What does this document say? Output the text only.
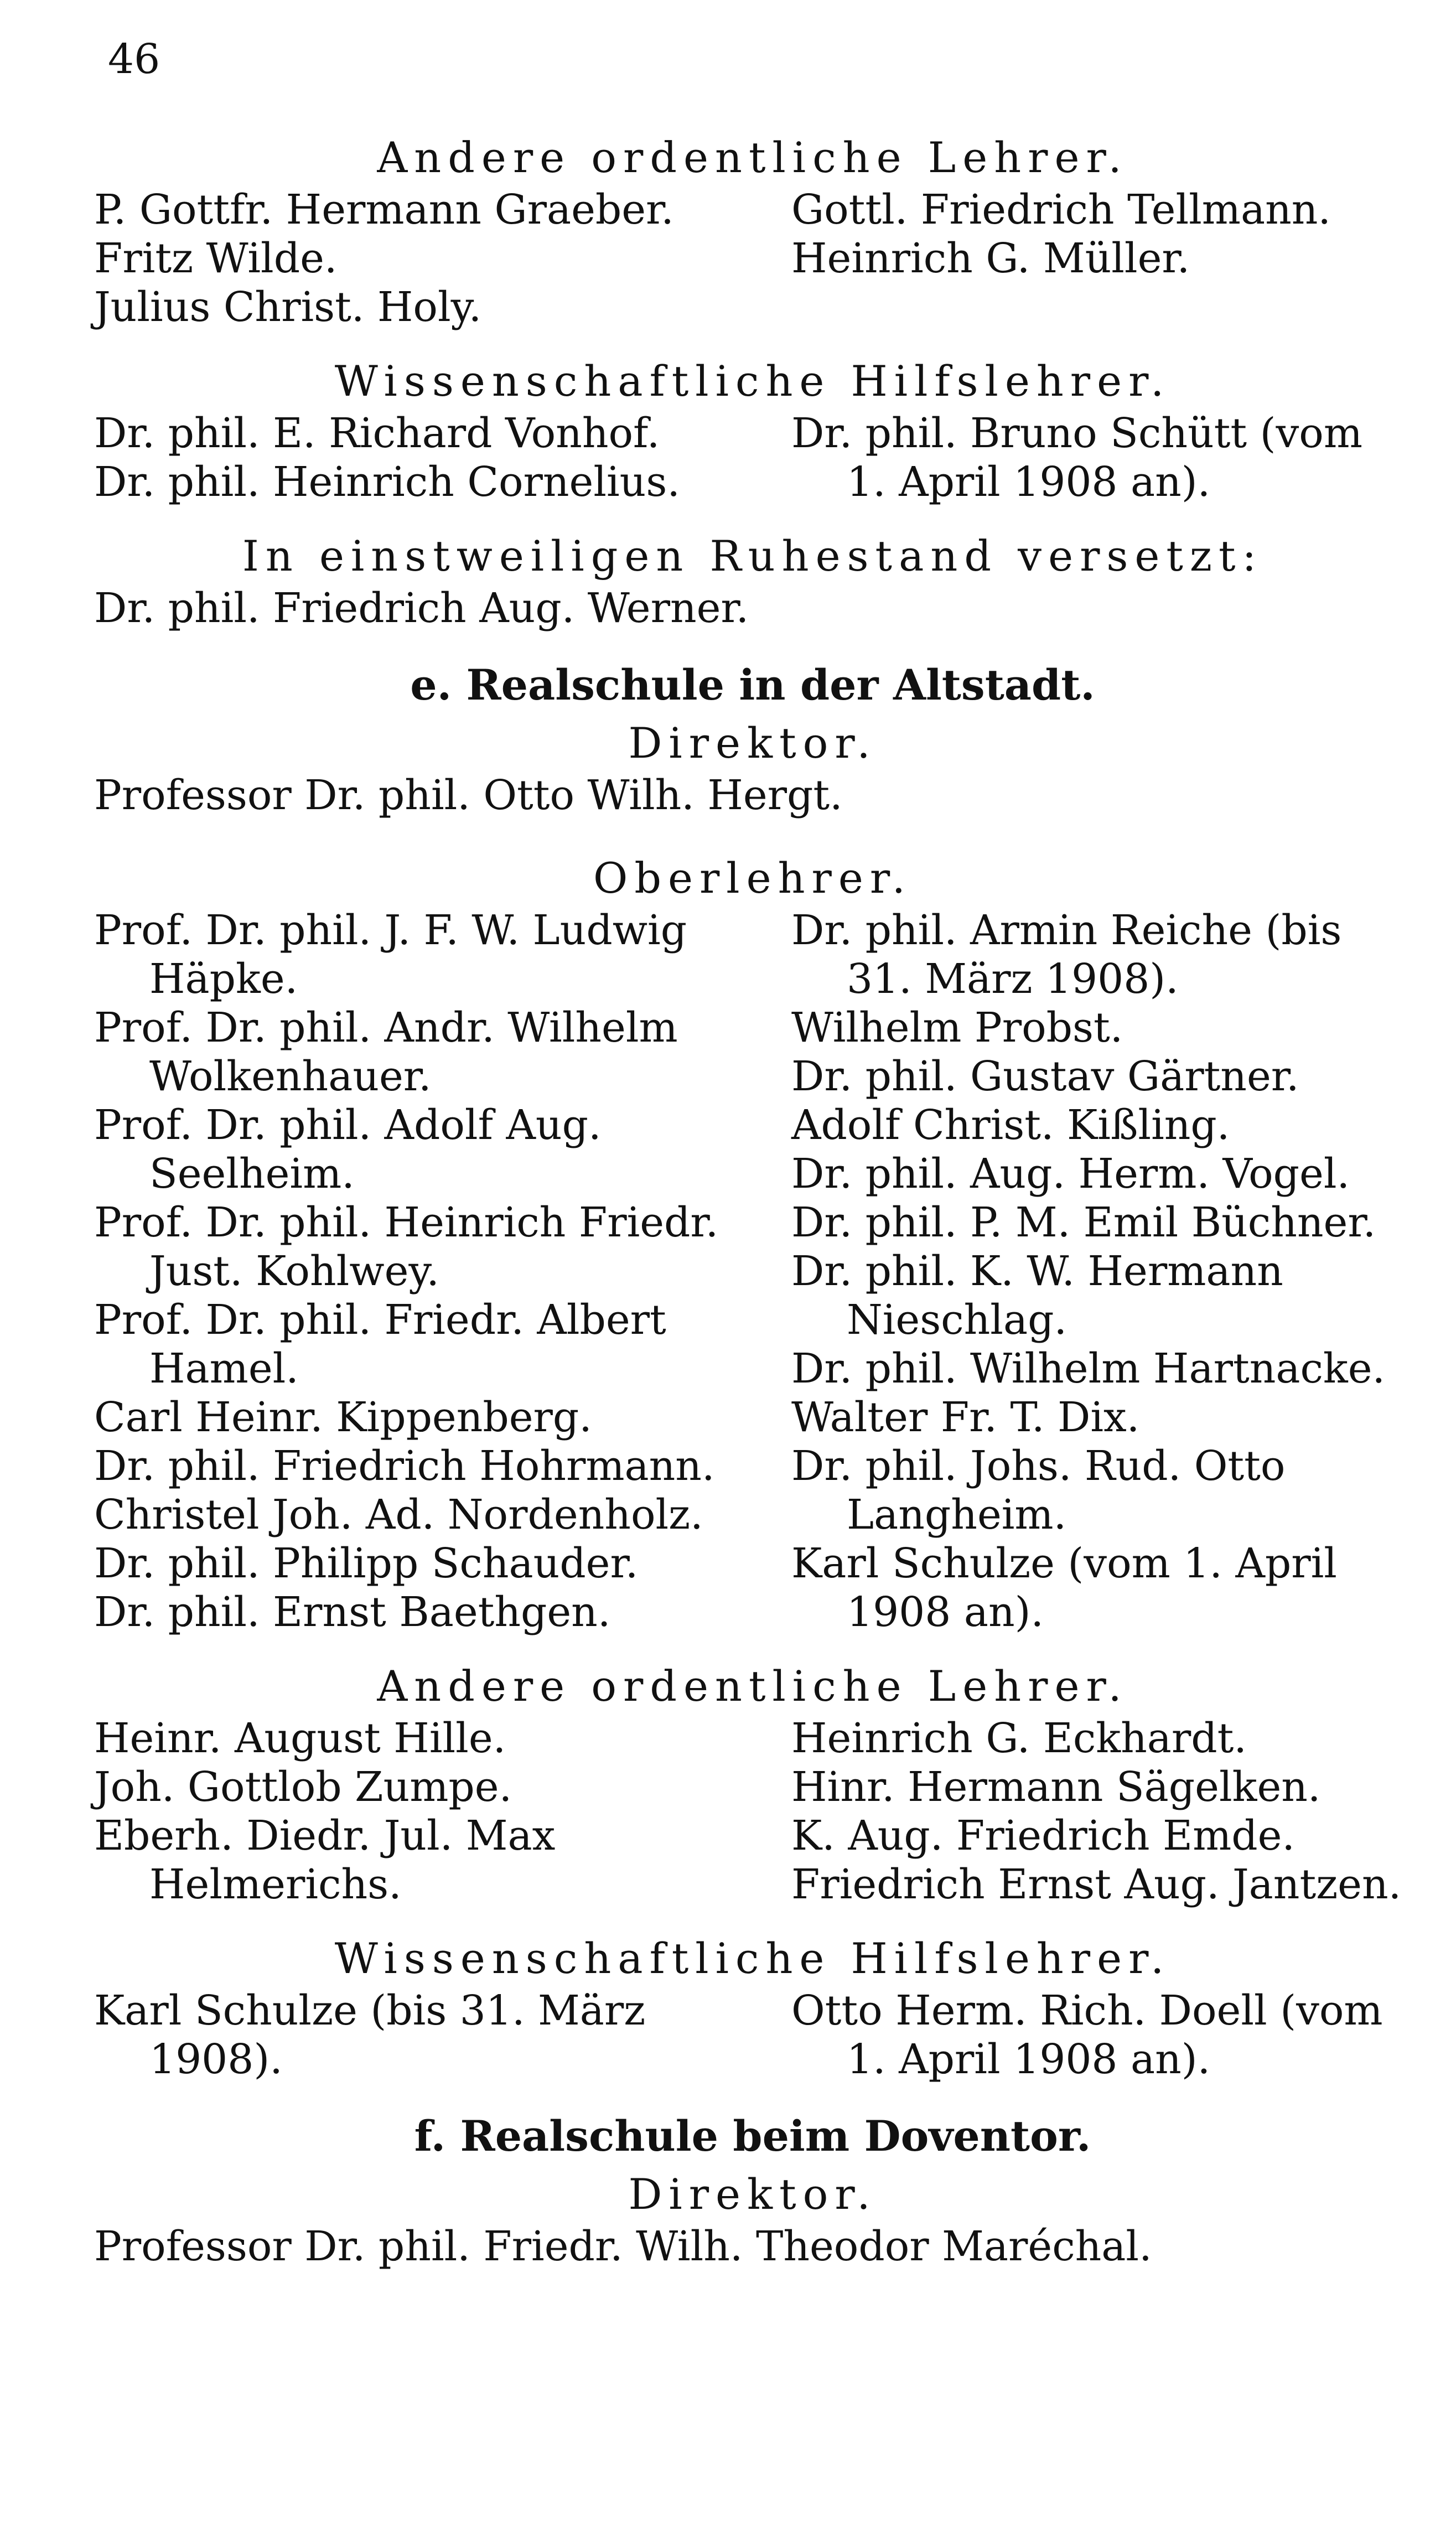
46

Andere ordentliche Lehrer.

P. Gottfr. Hermann Graeber.

Fritz Wilde.

Julius Christ. Holy.

Gottl. Friedrich Tellmann.

Heinrich G. Müller.

Wissenschaftliche Hilfslehrer.

Dr. phil. E. Richard Vonhof.

Dr. phil. Heinrich Cornelius.

Dr. phil. Bruno Schütt (vom 1. April 1908 an).

In einstweiligen Ruhestand versetzt:

Dr. phil. Friedrich Aug. Werner.

e. Realschule in der Altstadt.

Direktor.

Professor Dr. phil. Otto Wilh. Hergt.

Oberlehrer.

Prof. Dr. phil. J. F. W. Ludwig Häpke.

Prof. Dr. phil. Andr. Wilhelm Wolkenhauer.

Prof. Dr. phil. Adolf Aug. Seelheim.

Prof. Dr. phil. Heinrich Friedr. Just. Kohlwey.

Prof. Dr. phil. Friedr. Albert Hamel.

Carl Heinr. Kippenberg.

Dr. phil. Friedrich Hohrmann.

Christel Joh. Ad. Nordenholz.

Dr. phil. Philipp Schauder.

Dr. phil. Ernst Baethgen.

Dr. phil. Armin Reiche (bis 31. März 1908).

Wilhelm Probst.

Dr. phil. Gustav Gärtner.

Adolf Christ. Kißling.

Dr. phil. Aug. Herm. Vogel.

Dr. phil. P. M. Emil Büchner.

Dr. phil. K. W. Hermann Nieschlag.

Dr. phil. Wilhelm Hartnacke.

Walter Fr. T. Dix.

Dr. phil. Johs. Rud. Otto Langheim.

Karl Schulze (vom 1. April 1908 an).

Andere ordentliche Lehrer.

Heinr. August Hille.

Joh. Gottlob Zumpe.

Eberh. Diedr. Jul. Max Helmerichs.

Heinrich G. Eckhardt.

Hinr. Hermann Sägelken.

K. Aug. Friedrich Emde.

Friedrich Ernst Aug. Jantzen.

Wissenschaftliche Hilfslehrer.

Karl Schulze (bis 31. März 1908).

Otto Herm. Rich. Doell (vom 1. April 1908 an).

f. Realschule beim Doventor.

Direktor.

Professor Dr. phil. Friedr. Wilh. Theodor Maréchal.
